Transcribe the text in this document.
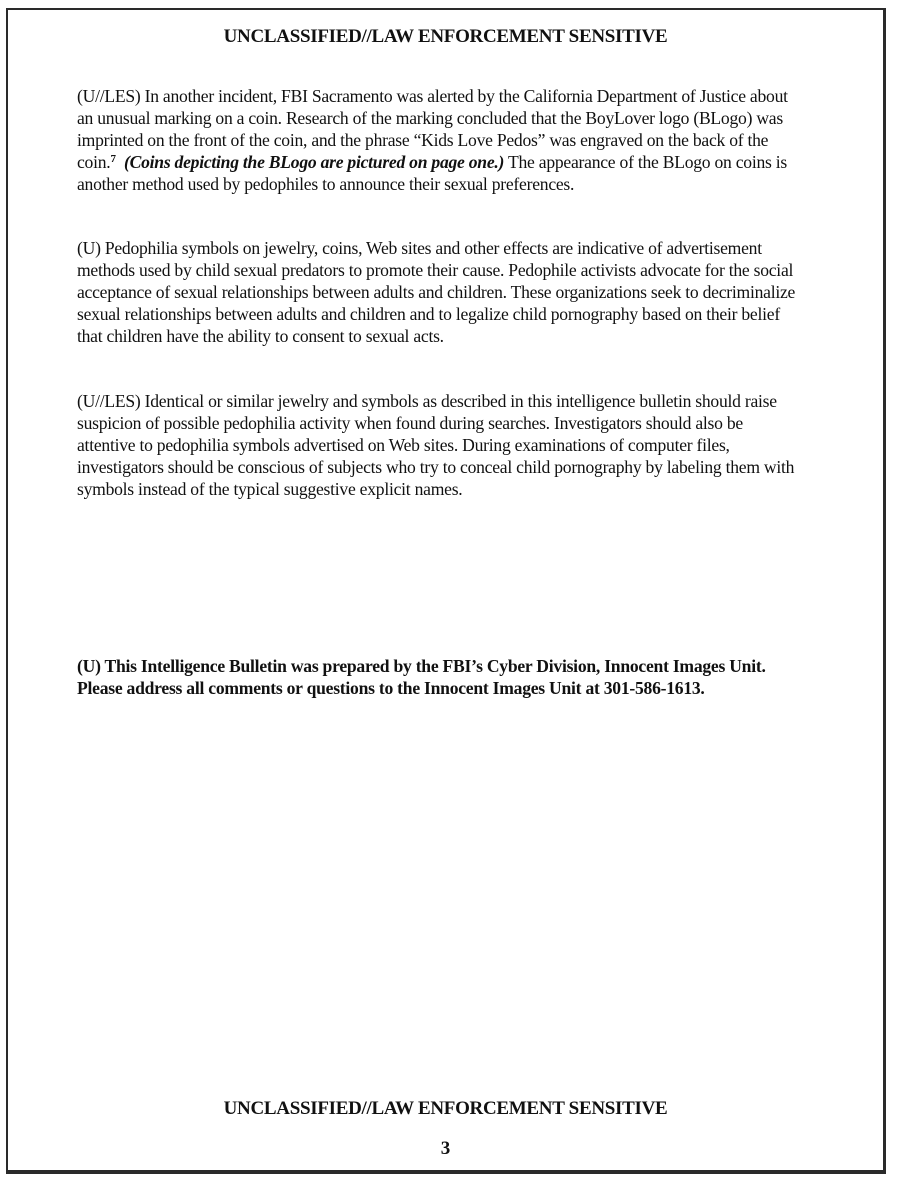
UNCLASSIFIED//LAW ENFORCEMENT SENSITIVE

(U//LES) In another incident, FBI Sacramento was alerted by the California Department of Justice about an unusual marking on a coin. Research of the marking concluded that the BoyLover logo (BLogo) was imprinted on the front of the coin, and the phrase “Kids Love Pedos” was engraved on the back of the coin.$^7$ (Coins depicting the BLogo are pictured on page one.) The appearance of the BLogo on coins is another method used by pedophiles to announce their sexual preferences.

(U) Pedophilia symbols on jewelry, coins, Web sites and other effects are indicative of advertisement methods used by child sexual predators to promote their cause. Pedophile activists advocate for the social acceptance of sexual relationships between adults and children. These organizations seek to decriminalize sexual relationships between adults and children and to legalize child pornography based on their belief that children have the ability to consent to sexual acts.

(U//LES) Identical or similar jewelry and symbols as described in this intelligence bulletin should raise suspicion of possible pedophilia activity when found during searches. Investigators should also be attentive to pedophilia symbols advertised on Web sites. During examinations of computer files, investigators should be conscious of subjects who try to conceal child pornography by labeling them with symbols instead of the typical suggestive explicit names.

(U) This Intelligence Bulletin was prepared by the FBI’s Cyber Division, Innocent Images Unit. Please address all comments or questions to the Innocent Images Unit at 301-586-1613.

UNCLASSIFIED//LAW ENFORCEMENT SENSITIVE
3
